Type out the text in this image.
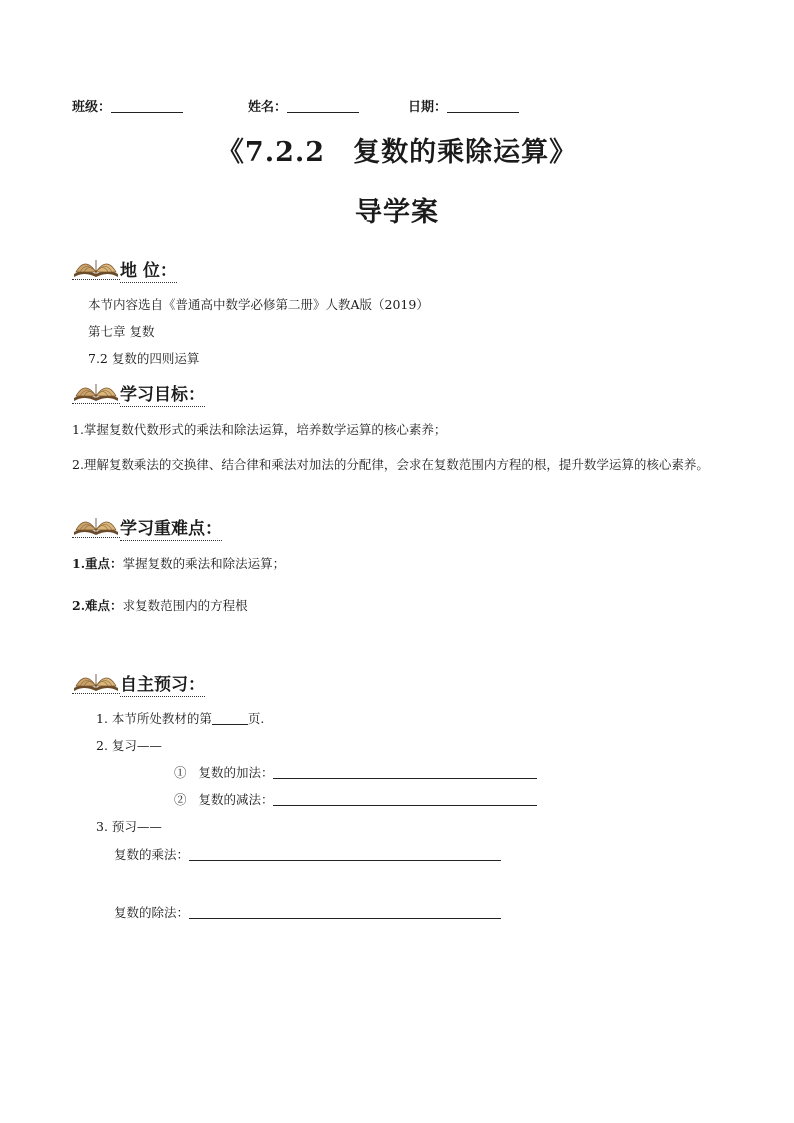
班级：	姓名：	日期：
《7.2.2　复数的乘除运算》
导学案
地 位：
本节内容选自《普通高中数学必修第二册》人教A版（2019）
第七章 复数
7.2 复数的四则运算
学习目标：
1.掌握复数代数形式的乘法和除法运算，培养数学运算的核心素养；
2.理解复数乘法的交换律、结合律和乘法对加法的分配律，会求在复数范围内方程的根，提升数学运算的核心素养。
学习重难点：
1.重点：掌握复数的乘法和除法运算；
2.难点：求复数范围内的方程根
自主预习：
1. 本节所处教材的第	页.
2. 复习——
① 复数的加法：
② 复数的减法：
3. 预习——
复数的乘法：
复数的除法：
